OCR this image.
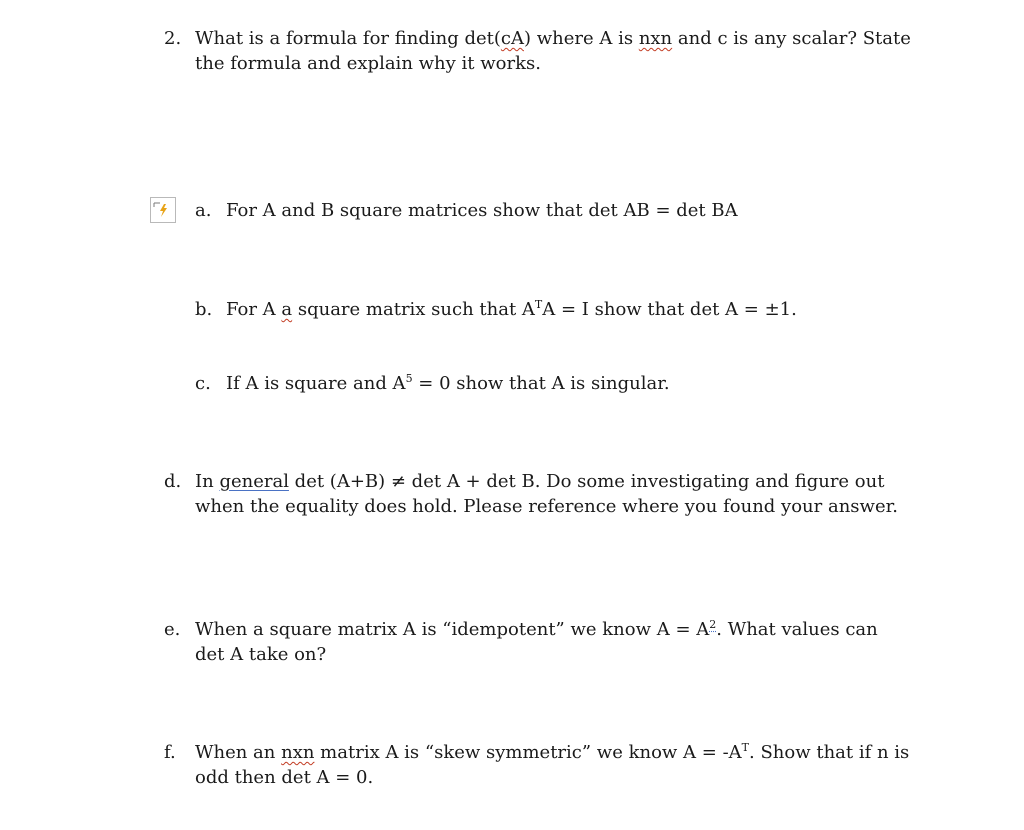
2. What is a formula for finding det(cA) where A is nxn and c is any scalar? State
the formula and explain why it works.
a. For A and B square matrices show that det AB = det BA
b. For A a square matrix such that $A^TA = I$ show that det A = ±1.
c. If A is square and $A^5 = 0$ show that A is singular.
d. In general det (A+B) ≠ det A + det B. Do some investigating and figure out
when the equality does hold. Please reference where you found your answer.
e. When a square matrix A is “idempotent” we know $A = A^2$. What values can
det A take on?
f. When an nxn matrix A is “skew symmetric” we know $A = -A^T$. Show that if n is
odd then det A = 0.
